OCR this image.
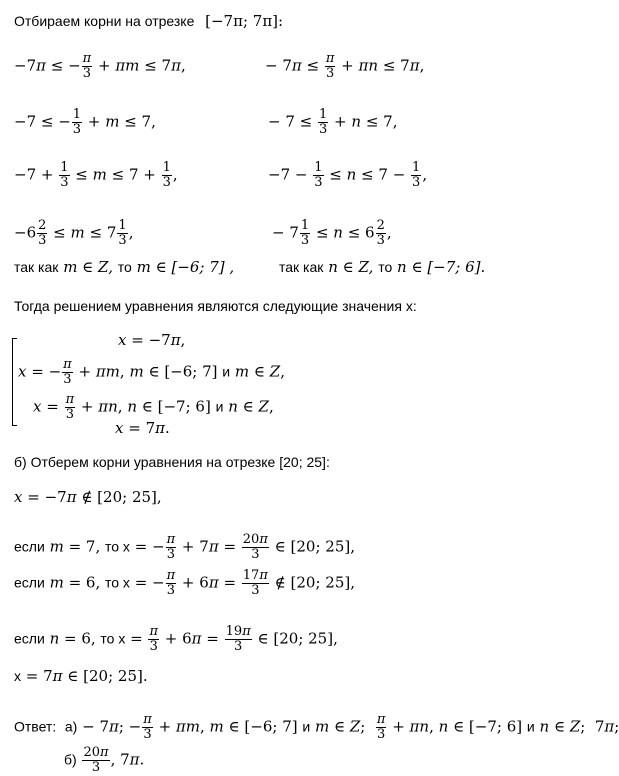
Отбираем корни на отрезке [−7π; 7π]:
−7π ≤ − $\frac{\pi}{3} + \pi m \le 7\pi$,
−7 ≤ − $\frac{1}{3} + m \le 7$,
$-7 + \frac{1}{3} \le m \le 7 + \frac{1}{3}$ ,
$-6 \frac{2}{3} \le m \le 7 \frac{1}{3}$ ,
− $7\pi \le \frac{\pi}{3} + \pi n \le 7\pi$,
− $7 \le \frac{1}{3} + n \le 7$,
$-7 - \frac{1}{3} \le n \le 7 - \frac{1}{3}$ ,
− $7 \frac{1}{3} \le n \le 6 \frac{2}{3}$ ,
так как m ∈ Z, то m ∈ [−6; 7] ,	так как n ∈ Z, то n ∈ [−7; 6].
Тогда решением уравнения являются следующие значения x:
x = −7π,
x = − $\frac{\pi}{3} + \pi m$, m ∈ [−6; 7] и m ∈ Z,
$x = \frac{\pi}{3} + \pi n$, n ∈ [−7; 6] и n ∈ Z,
x = 7π.
б) Отберем корни уравнения на отрезке [20; 25]:
x = −7π ∉ [20; 25],
если m = 7, то x = − $\frac{\pi}{3} + 7\pi = \frac{20\pi}{3}$ ∈ [20; 25],
если m = 6, то x = − $\frac{\pi}{3} + 6\pi = \frac{17\pi}{3}$ ∉ [20; 25],
если n = 6, то $x = \frac{\pi}{3} + 6\pi = \frac{19\pi}{3}$ ∈ [20; 25],
x = 7π ∈ [20; 25].
Ответ:  а) − 7π; − $\frac{\pi}{3} + \pi m$, m ∈ [−6; 7] и m ∈ Z; $\frac{\pi}{3} + \pi n$, n ∈ [−7; 6] и n ∈ Z;  7π;
$б) \frac{20\pi}{3}$ , 7π.
